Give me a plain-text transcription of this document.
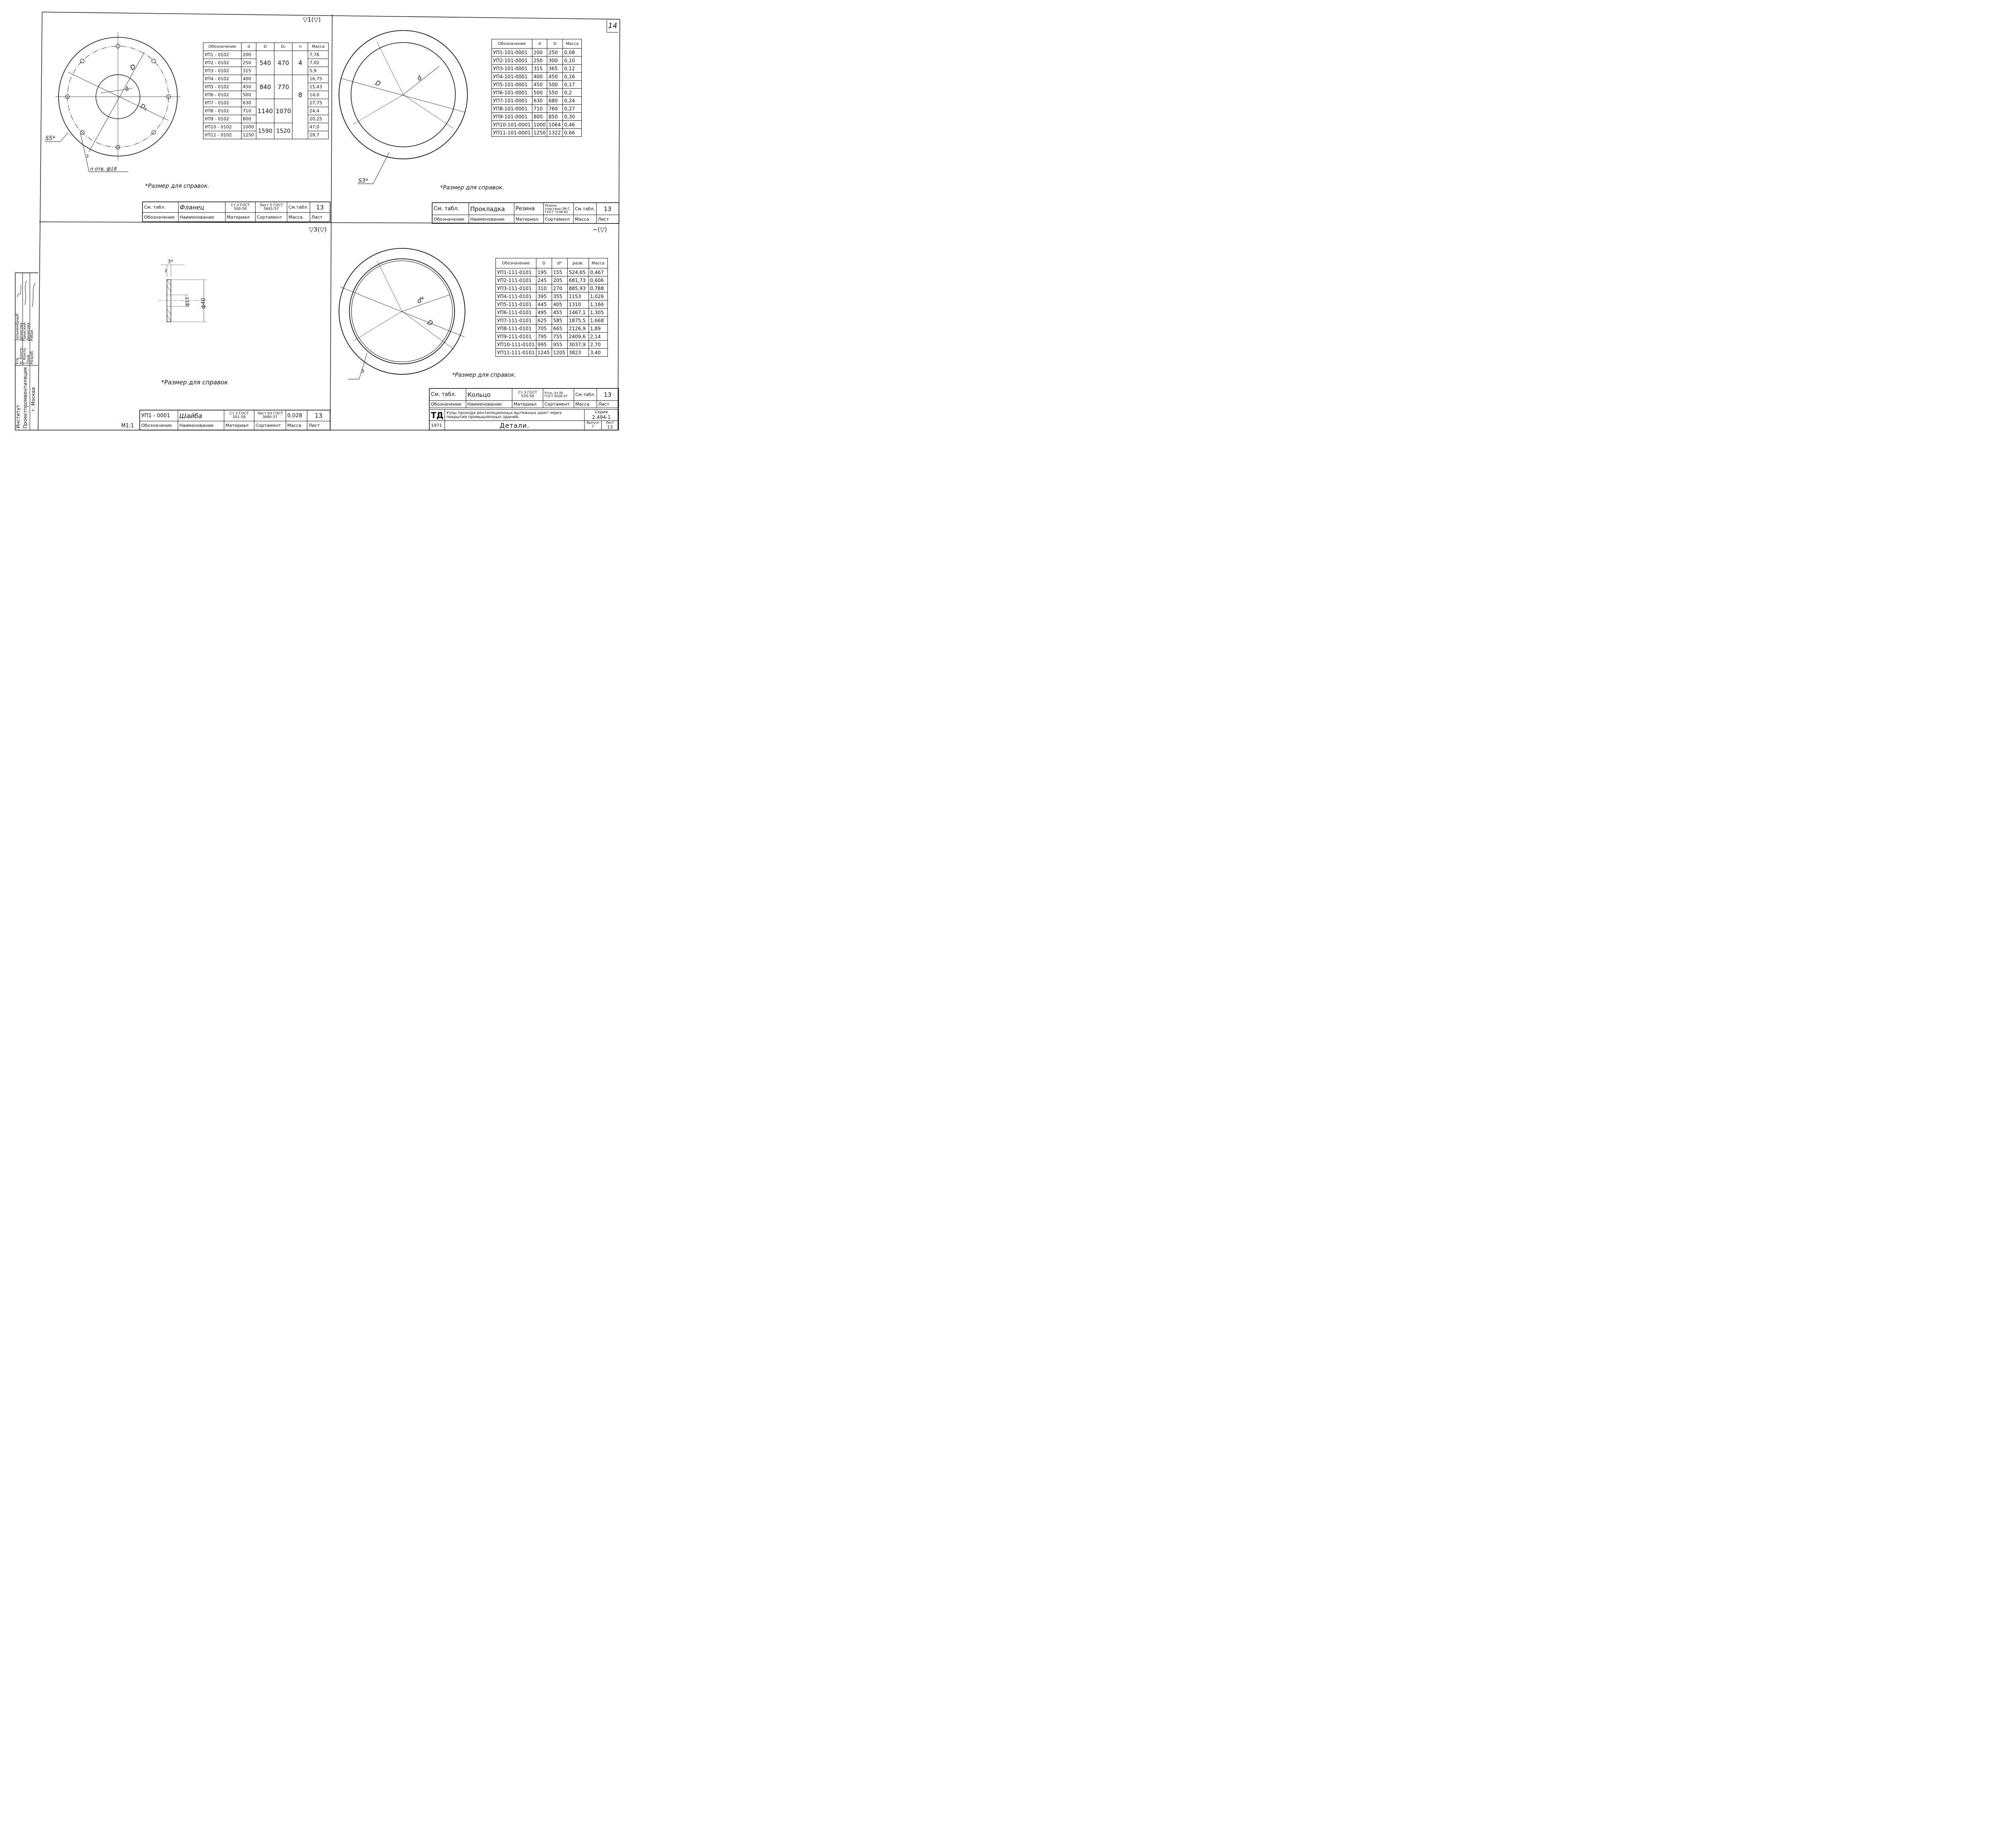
14
▽1(▽)
▽3(▽)	~(▽)
D
d
D₁
S5*
3
n отв. ф18
*Размер для справок.
Обозначение	d	D	D₁	n	Масса
УП1 - 0102	200	540	470	4	7,76
УП2 - 0102	250				7,02
УП3 - 0102	315				5,9
УП4 - 0102	400	840	770	8	16,75
УП5 - 0102	450				15,43
УП6 - 0102	500				14,0
УП7 - 0102	630	1140	1070		27,75
УП8 - 0102	710				24,4
УП9 - 0102	800				20,25
УП10 - 0102	1000	1590	1520		47,0
УП11 - 0102	1250				29,7
См. табл.	Фланец	Ст.3 ГОСТ 500-58	Лист 5 ГОСТ 5681-57	См.табл.	13
Обозначение	Наименование	Материал	Сортамент	Масса	Лист
D
d
S3*
*Размер для справок.
Обозначение	d	D	Масса
УП1-101-0001	200	250	0,08
УП2-101-0001	250	300	0,10
УП3-101-0001	315	365	0,12
УП4-101-0001	400	450	0,16
УП5-101-0001	450	500	0,17
УП6-101-0001	500	550	0,2
УП7-101-0001	630	680	0,24
УП8-101-0001	710	760	0,27
УП9-101-0001	800	850	0,30
УП10-101-0001	1000	1064	0,46
УП11-101-0001	1250	1322	0,66
См. табл.	Прокладка	Резина	Резина пластина 3М-С ГОСТ 7338-65	См.табл.	13
Обозначение	Наименование	Материал	Сортамент	Масса	Лист
3*
2
ф13 ф40
*Размер для справок
М1:1
УП1 - 0001	Шайба	Ст.3 ГОСТ 501-58	Лист 83 ГОСТ 3680-57	0,028	13
Обозначение	Наименование	Материал	Сортамент	Масса	Лист
d*
D
3
*Размер для справок.
Обозначение	D	d*	разв.	Масса
УП1-111-0101	195	155	524,65	0,467
УП2-111-0101	245	205	681,73	0,606
УП3-111-0101	310	270	885,93	0,788
УП4-111-0101	395	355	1153	1,026
УП5-111-0101	445	405	1310	1,166
УП6-111-0101	495	455	1467,1	1,305
УП7-111-0101	625	585	1875,5	1,668
УП8-111-0101	705	665	2126,9	1,89
УП9-111-0101	795	755	2409,6	2,14
УП10-111-0101	995	955	3037,9	2,70
УП11-111-0101	1245	1205	3823	3,40
См. табл.	Кольцо	Ст.3 ГОСТ 535-58	Угол. 4×30 ГОСТ 8509-57	См.табл.	13
Обозначение	Наименование	Материал	Сортамент	Масса	Лист
ТД	Узлы прохода вентиляционных вытяжных шахт через покрытия промышленных зданий.	Серия
2.494-1

1971	Детали.	Выпуск
1
Лист
13
Институт Проектпромвентиляция г. Москва
Утв. Н. Контр. Т. Контр. Пров. Разраб.
Зильменбрауб Денисова Паниский Денисова Рябая
